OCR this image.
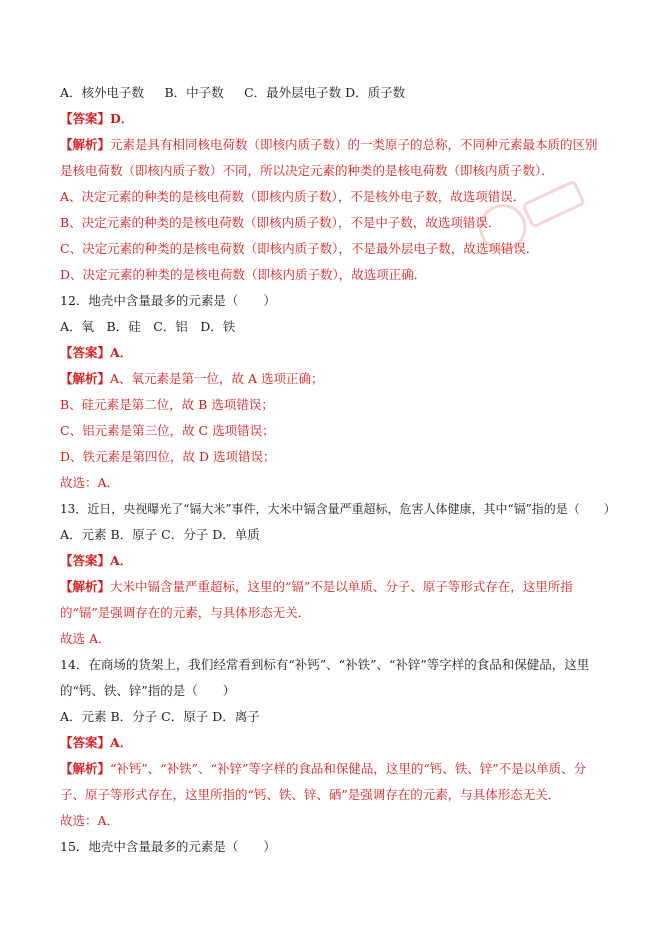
A．核外电子数 　 B．中子数 　 C．最外层电子数 D．质子数
【答案】D．
【解析】元素是具有相同核电荷数（即核内质子数）的一类原子的总称，不同种元素最本质的区别是核电荷数（即核内质子数）不同，所以决定元素的种类的是核电荷数（即核内质子数）．
A、决定元素的种类的是核电荷数（即核内质子数），不是核外电子数，故选项错误．
B、决定元素的种类的是核电荷数（即核内质子数），不是中子数，故选项错误．
C、决定元素的种类的是核电荷数（即核内质子数），不是最外层电子数，故选项错误．
D、决定元素的种类的是核电荷数（即核内质子数），故选项正确．
12．地壳中含量最多的元素是（　　）
A．氧　B．硅　C．铝　D．铁
【答案】A．
【解析】A、氧元素是第一位，故 A 选项正确；
B、硅元素是第二位，故 B 选项错误；
C、铝元素是第三位，故 C 选项错误；
D、铁元素是第四位，故 D 选项错误；
故选：A．
13．近日，央视曝光了“镉大米”事件，大米中镉含量严重超标，危害人体健康，其中“镉”指的是（　　）
A．元素 B．原子 C．分子 D．单质
【答案】A．
【解析】大米中镉含量严重超标，这里的“镉”不是以单质、分子、原子等形式存在，这里所指的“镉”是强调存在的元素，与具体形态无关．
故选 A．
14．在商场的货架上，我们经常看到标有“补钙”、“补铁”、“补锌”等字样的食品和保健品，这里的“钙、铁、锌”指的是（　　）
A．元素 B．分子 C．原子 D．离子
【答案】A．
【解析】“补钙”、“补铁”、“补锌”等字样的食品和保健品，这里的“钙、铁、锌”不是以单质、分子、原子等形式存在，这里所指的“钙、铁、锌、硒”是强调存在的元素，与具体形态无关．
故选：A．
15．地壳中含量最多的元素是（　　）
